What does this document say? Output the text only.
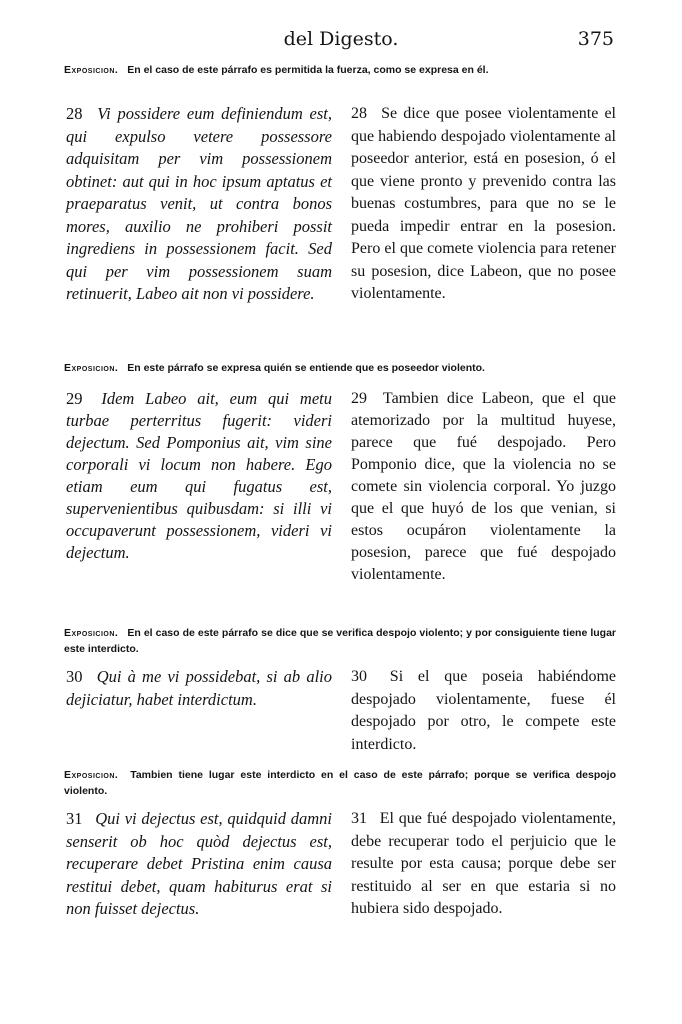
del Digesto.	375
Exposicion. En el caso de este párrafo es permitida la fuerza, como se expresa en él.

28 Vi possidere eum definiendum est, qui expulso vetere possessore adquisitam per vim possessionem obtinet: aut qui in hoc ipsum aptatus et praeparatus venit, ut contra bonos mores, auxilio ne prohiberi possit ingrediens in possessionem facit. Sed qui per vim possessionem suam retinuerit, Labeo ait non vi possidere.

28 Se dice que posee violentamente el que habiendo despojado violentamente al poseedor anterior, está en posesion, ó el que viene pronto y prevenido contra las buenas costumbres, para que no se le pueda impedir entrar en la posesion. Pero el que comete violencia para retener su posesion, dice Labeon, que no posee violentamente.

Exposicion. En este párrafo se expresa quién se entiende que es poseedor violento.

29 Idem Labeo ait, eum qui metu turbae perterritus fugerit: videri dejectum. Sed Pomponius ait, vim sine corporali vi locum non habere. Ego etiam eum qui fugatus est, supervenientibus quibusdam: si illi vi occupaverunt possessionem, videri vi dejectum.

29 Tambien dice Labeon, que el que atemorizado por la multitud huyese, parece que fué despojado. Pero Pomponio dice, que la violencia no se comete sin violencia corporal. Yo juzgo que el que huyó de los que venian, si estos ocupáron violentamente la posesion, parece que fué despojado violentamente.

Exposicion. En el caso de este párrafo se dice que se verifica despojo violento; y por consiguiente tiene lugar este interdicto.

30 Qui à me vi possidebat, si ab alio dejiciatur, habet interdictum.

30 Si el que poseia habiéndome despojado violentamente, fuese él despojado por otro, le compete este interdicto.

Exposicion. Tambien tiene lugar este interdicto en el caso de este párrafo; porque se verifica despojo violento.

31 Qui vi dejectus est, quidquid damni senserit ob hoc quòd dejectus est, recuperare debet Pristina enim causa restitui debet, quam habiturus erat si non fuisset dejectus.

31 El que fué despojado violentamente, debe recuperar todo el perjuicio que le resulte por esta causa; porque debe ser restituido al ser en que estaria si no hubiera sido despojado.
